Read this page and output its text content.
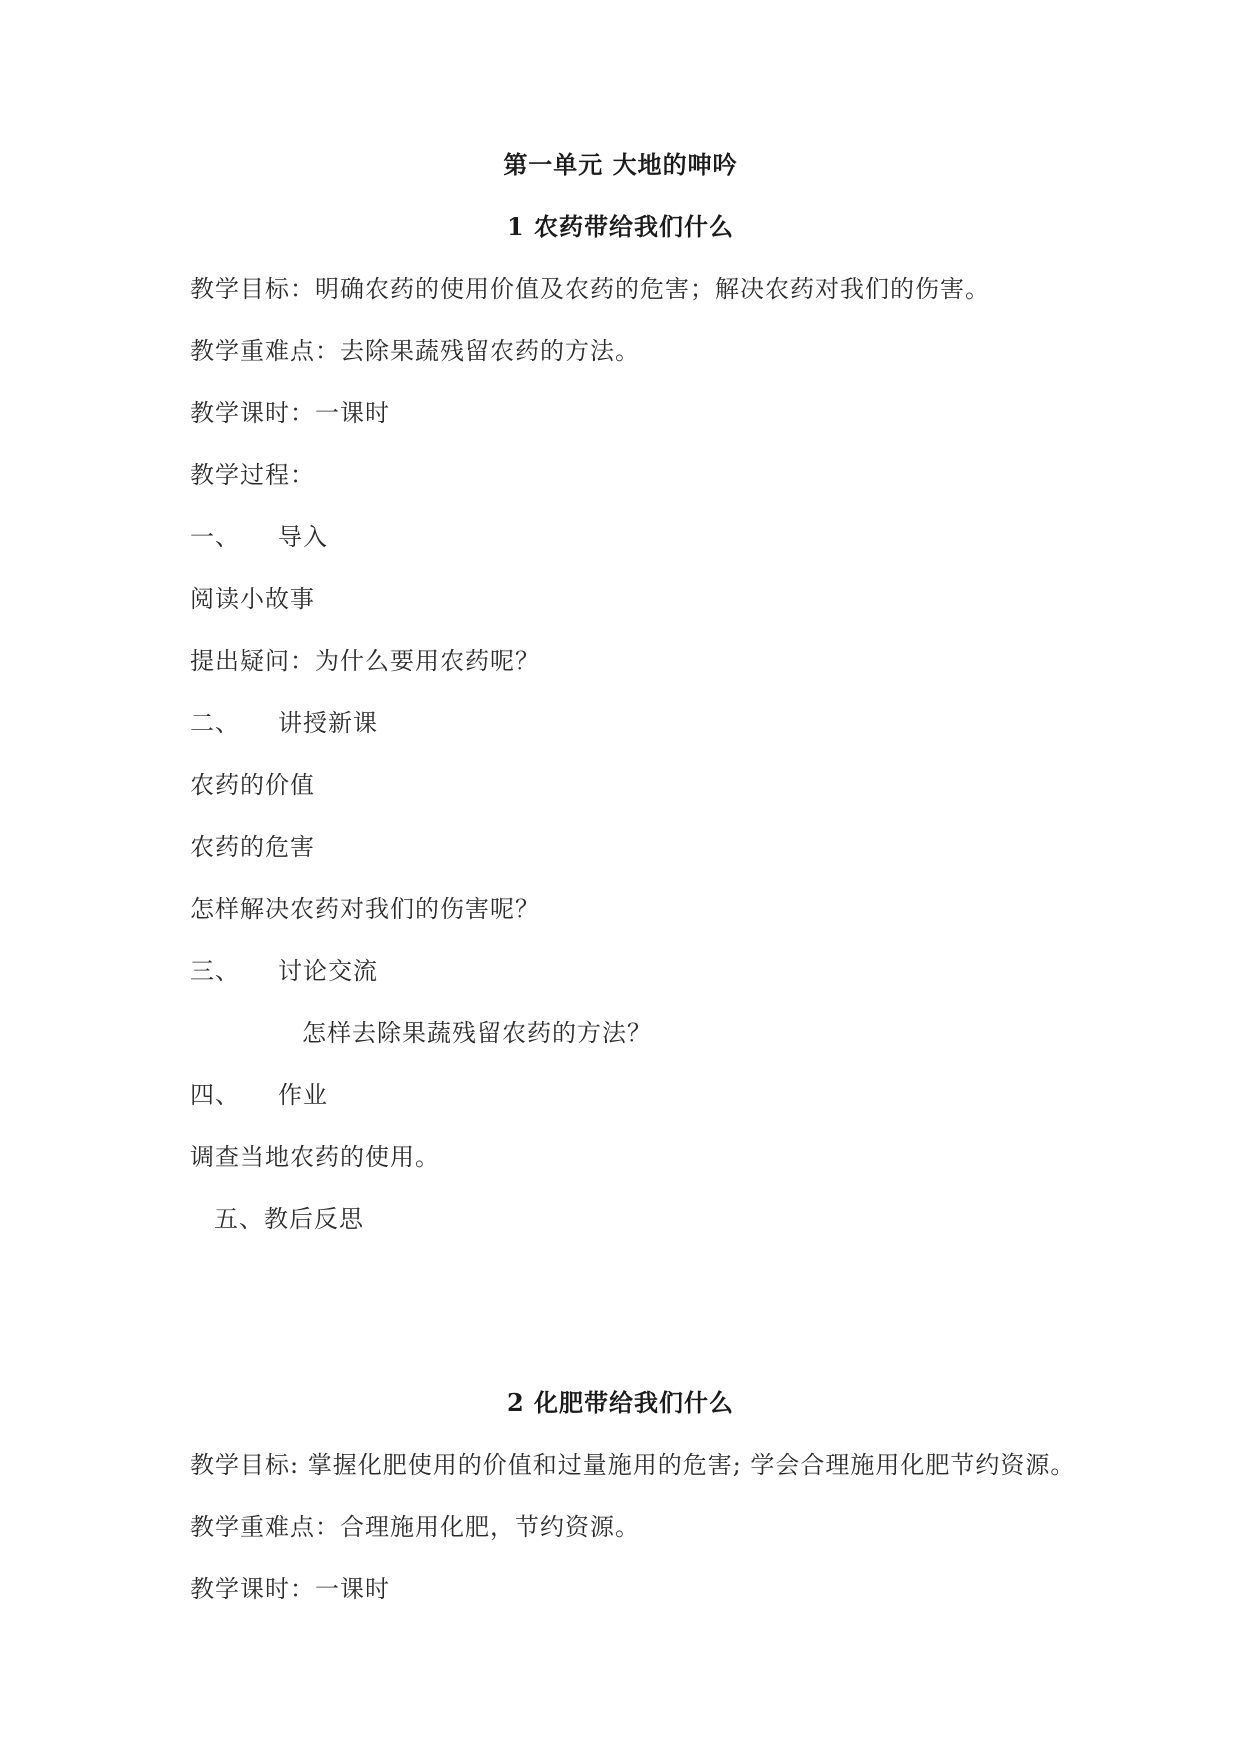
第一单元 大地的呻吟
1 农药带给我们什么
教学目标：明确农药的使用价值及农药的危害；解决农药对我们的伤害。
教学重难点：去除果蔬残留农药的方法。
教学课时：一课时
教学过程：
一、 导入
阅读小故事
提出疑问：为什么要用农药呢？
二、 讲授新课
农药的价值
农药的危害
怎样解决农药对我们的伤害呢？
三、 讨论交流
怎样去除果蔬残留农药的方法？
四、 作业
调查当地农药的使用。
五、教后反思
2 化肥带给我们什么
教学目标: 掌握化肥使用的价值和过量施用的危害; 学会合理施用化肥节约资源。
教学重难点：合理施用化肥，节约资源。
教学课时：一课时
